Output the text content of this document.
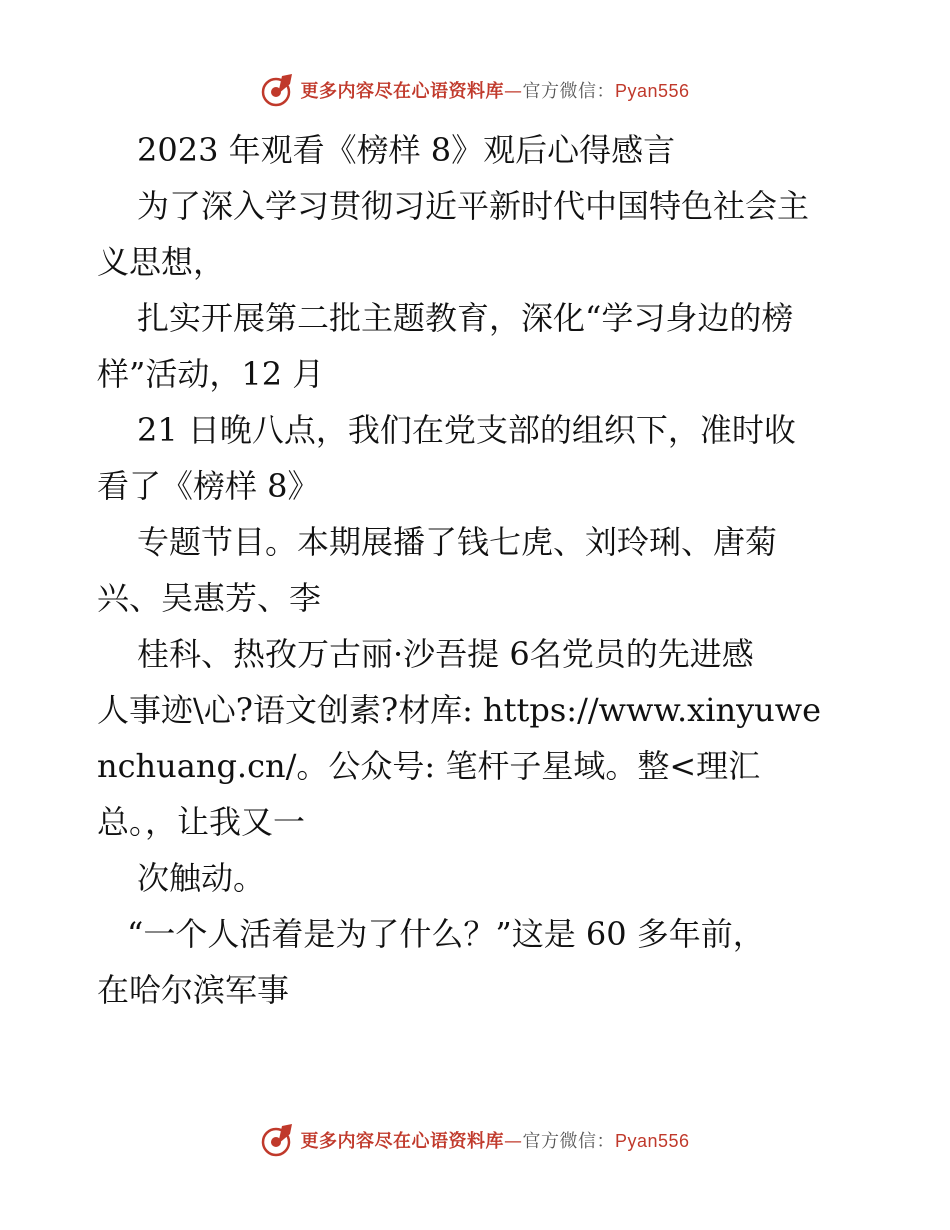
更多内容尽在心语资料库—官方微信：Pyan556
2023 年观看《榜样 8》观后心得感言
为了深入学习贯彻习近平新时代中国特色社会主
义思想，
扎实开展第二批主题教育，深化“学习身边的榜
样”活动，12 月
21 日晚八点，我们在党支部的组织下，准时收
看了《榜样 8》
专题节目。本期展播了钱七虎、刘玲琍、唐菊
兴、吴惠芳、李
桂科、热孜万古丽·沙吾提 6名党员的先进感
人事迹\心?语文创素?材库: https://www.xinyuwe
nchuang.cn/。公众号: 笔杆子星域。整<理汇
总。，让我又一
次触动。
“一个人活着是为了什么？”这是 60 多年前，
在哈尔滨军事
更多内容尽在心语资料库—官方微信：Pyan556
